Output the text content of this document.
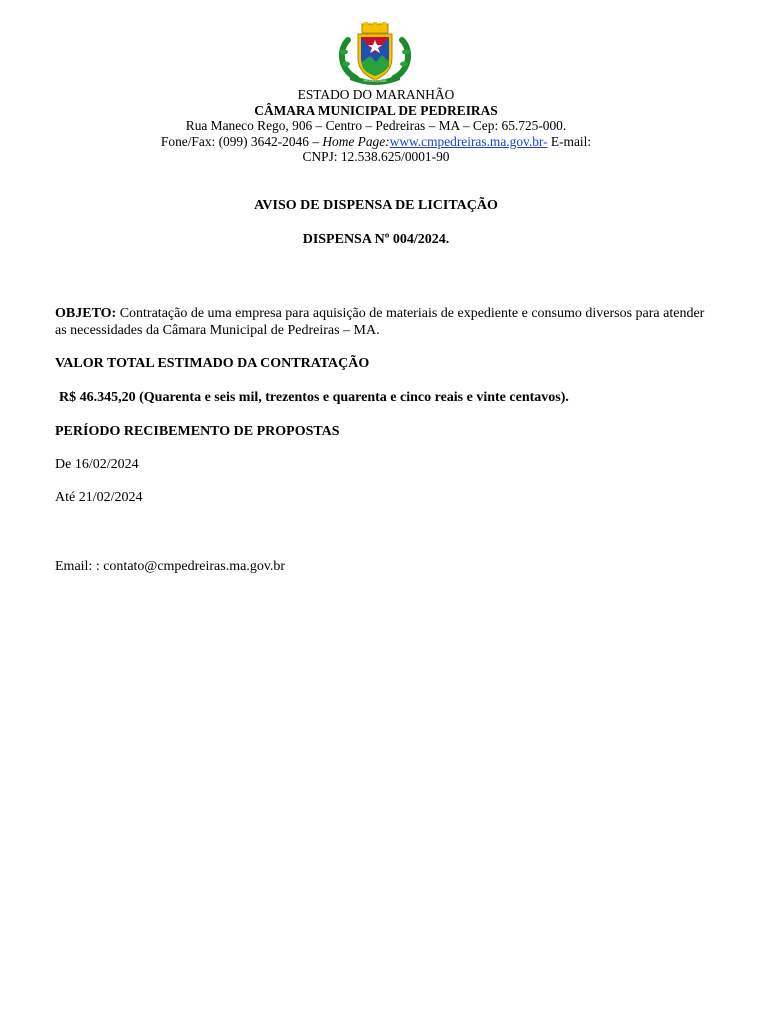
PEDREIRAS
ESTADO DO MARANHÃO
CÂMARA MUNICIPAL DE PEDREIRAS
Rua Maneco Rego, 906 – Centro – Pedreiras – MA – Cep: 65.725-000.
Fone/Fax: (099) 3642-2046 – Home Page:www.cmpedreiras.ma.gov.br- E-mail:
CNPJ: 12.538.625/0001-90
AVISO DE DISPENSA DE LICITAÇÃO
DISPENSA Nº 004/2024.
OBJETO: Contratação de uma empresa para aquisição de materiais de expediente e consumo diversos para atender as necessidades da Câmara Municipal de Pedreiras – MA.
VALOR TOTAL ESTIMADO DA CONTRATAÇÃO
R$ 46.345,20 (Quarenta e seis mil, trezentos e quarenta e cinco reais e vinte centavos).
PERÍODO RECIBEMENTO DE PROPOSTAS
De 16/02/2024
Até 21/02/2024
Email: : contato@cmpedreiras.ma.gov.br
